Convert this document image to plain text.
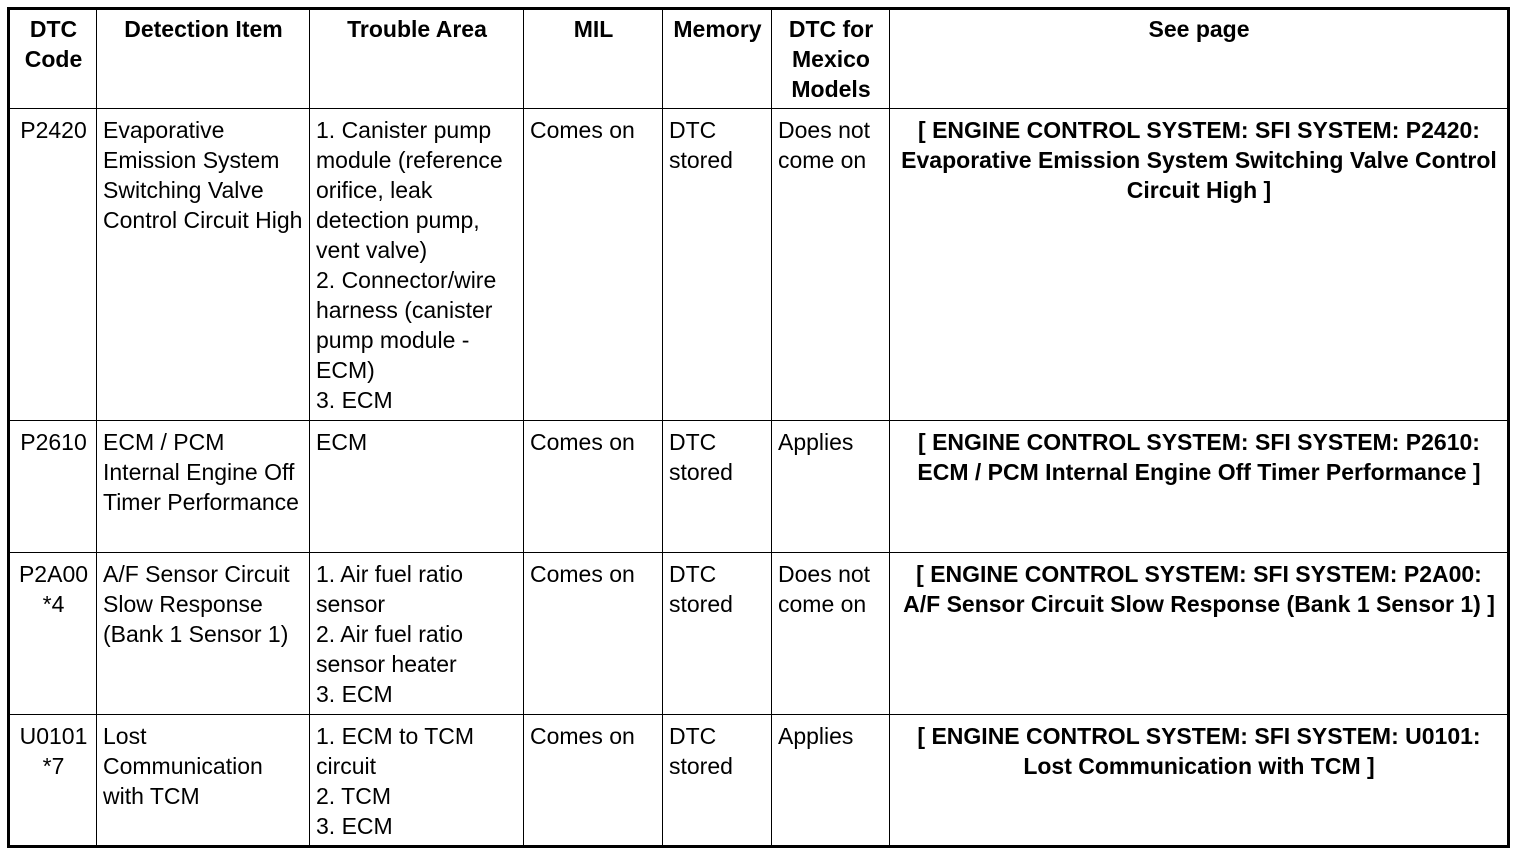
DTC Code	Detection Item	Trouble Area	MIL	Memory	DTC for Mexico Models	See page
P2420	Evaporative Emission System Switching Valve Control Circuit High	1. Canister pump module (reference orifice, leak detection pump, vent valve)
2. Connector/wire harness (canister pump module - ECM)
3. ECM	Comes on	DTC stored	Does not come on	[ ENGINE CONTROL SYSTEM: SFI SYSTEM: P2420: Evaporative Emission System Switching Valve Control Circuit High ]
P2610	ECM / PCM Internal Engine Off Timer Performance	ECM	Comes on	DTC stored	Applies	[ ENGINE CONTROL SYSTEM: SFI SYSTEM: P2610: ECM / PCM Internal Engine Off Timer Performance ]
P2A00 *4	A/F Sensor Circuit Slow Response (Bank 1 Sensor 1)	1. Air fuel ratio sensor
2. Air fuel ratio sensor heater
3. ECM	Comes on	DTC stored	Does not come on	[ ENGINE CONTROL SYSTEM: SFI SYSTEM: P2A00: A/F Sensor Circuit Slow Response (Bank 1 Sensor 1) ]
U0101 *7	Lost Communication with TCM	1. ECM to TCM circuit
2. TCM
3. ECM	Comes on	DTC stored	Applies	[ ENGINE CONTROL SYSTEM: SFI SYSTEM: U0101: Lost Communication with TCM ]
